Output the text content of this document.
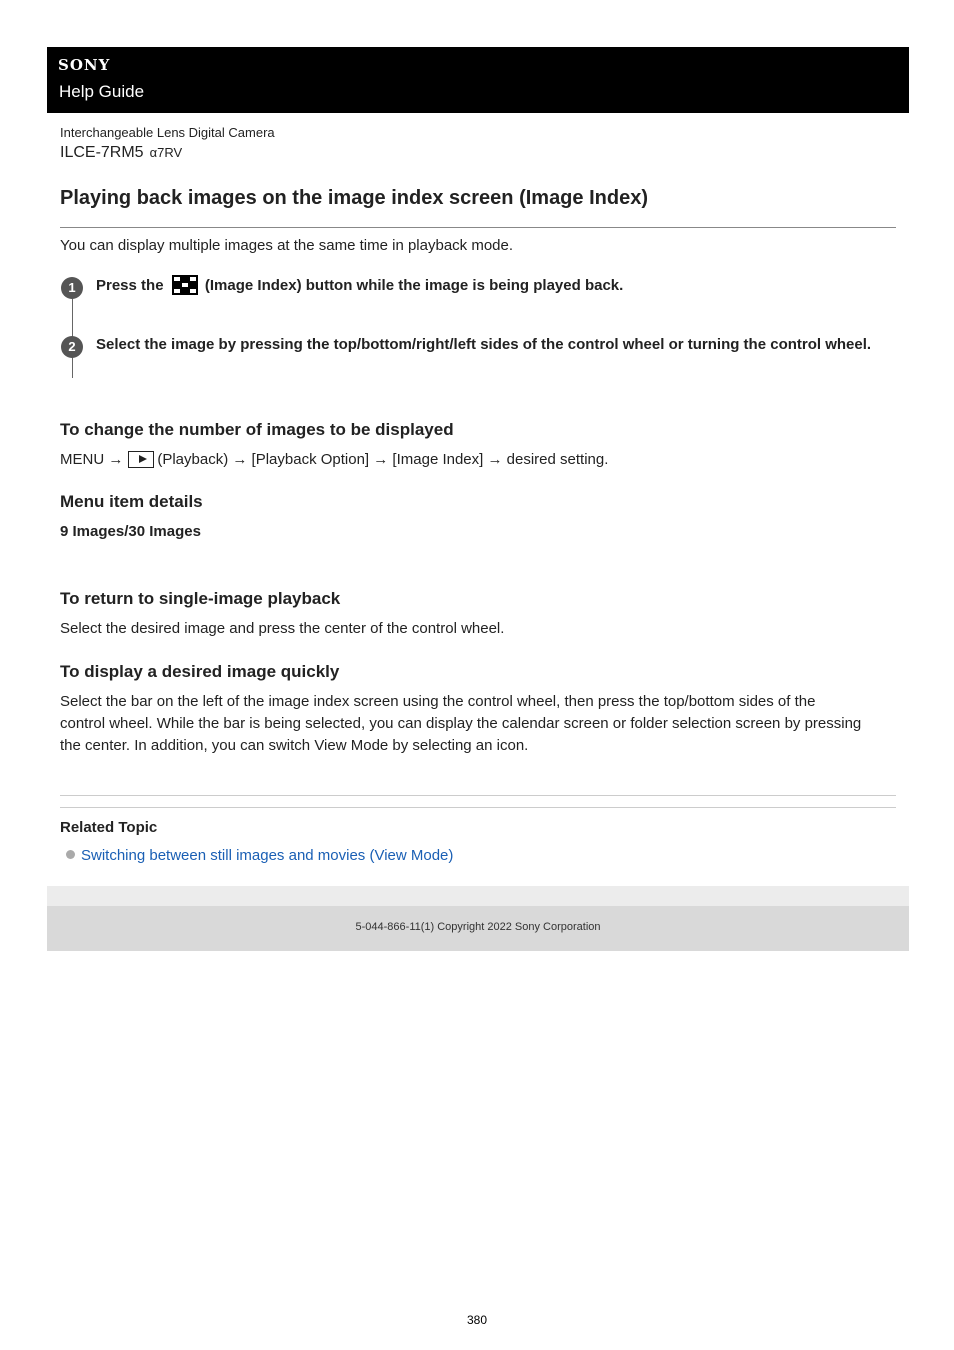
SONY
Help Guide
Interchangeable Lens Digital Camera
ILCE-7RM5 α7RV
Playing back images on the image index screen (Image Index)
You can display multiple images at the same time in playback mode.
1	Press the	(Image Index) button while the image is being played back.
2	Select the image by pressing the top/bottom/right/left sides of the control wheel or turning the control wheel.
To change the number of images to be displayed
MENU → (Playback) → [Playback Option] → [Image Index] → desired setting.
Menu item details
9 Images/30 Images
To return to single-image playback
Select the desired image and press the center of the control wheel.
To display a desired image quickly
Select the bar on the left of the image index screen using the control wheel, then press the top/bottom sides of the
control wheel. While the bar is being selected, you can display the calendar screen or folder selection screen by pressing
the center. In addition, you can switch View Mode by selecting an icon.
Related Topic
Switching between still images and movies (View Mode)
5-044-866-11(1) Copyright 2022 Sony Corporation
380
